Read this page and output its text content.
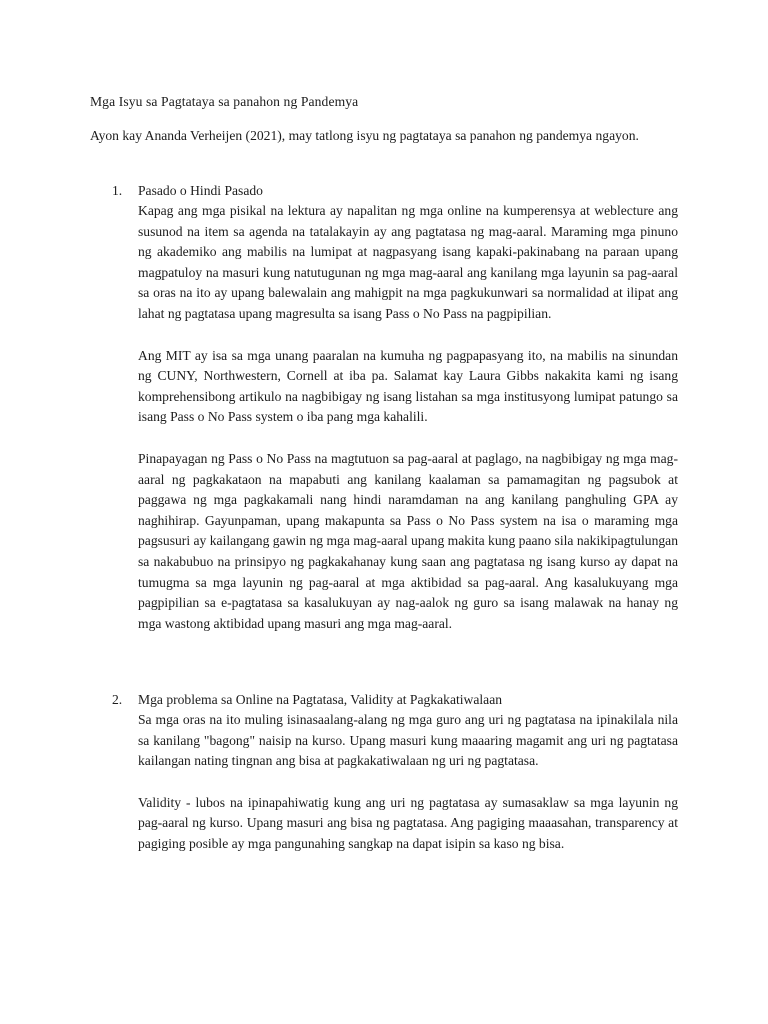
Mga Isyu sa Pagtataya sa panahon ng Pandemya
Ayon kay Ananda Verheijen (2021), may tatlong isyu ng pagtataya sa panahon ng pandemya ngayon.
1. Pasado o Hindi Pasado

Kapag ang mga pisikal na lektura ay napalitan ng mga online na kumperensya at weblecture ang susunod na item sa agenda na tatalakayin ay ang pagtatasa ng mag-aaral. Maraming mga pinuno ng akademiko ang mabilis na lumipat at nagpasyang isang kapaki-pakinabang na paraan upang magpatuloy na masuri kung natutugunan ng mga mag-aaral ang kanilang mga layunin sa pag-aaral sa oras na ito ay upang balewalain ang mahigpit na mga pagkukunwari sa normalidad at ilipat ang lahat ng pagtatasa upang magresulta sa isang Pass o No Pass na pagpipilian.

Ang MIT ay isa sa mga unang paaralan na kumuha ng pagpapasyang ito, na mabilis na sinundan ng CUNY, Northwestern, Cornell at iba pa. Salamat kay Laura Gibbs nakakita kami ng isang komprehensibong artikulo na nagbibigay ng isang listahan sa mga institusyong lumipat patungo sa isang Pass o No Pass system o iba pang mga kahalili.

Pinapayagan ng Pass o No Pass na magtutuon sa pag-aaral at paglago, na nagbibigay ng mga mag-aaral ng pagkakataon na mapabuti ang kanilang kaalaman sa pamamagitan ng pagsubok at paggawa ng mga pagkakamali nang hindi naramdaman na ang kanilang panghuling GPA ay naghihirap. Gayunpaman, upang makapunta sa Pass o No Pass system na isa o maraming mga pagsusuri ay kailangang gawin ng mga mag-aaral upang makita kung paano sila nakikipagtulungan sa nakabubuo na prinsipyo ng pagkakahanay kung saan ang pagtatasa ng isang kurso ay dapat na tumugma sa mga layunin ng pag-aaral at mga aktibidad sa pag-aaral. Ang kasalukuyang mga pagpipilian sa e-pagtatasa sa kasalukuyan ay nag-aalok ng guro sa isang malawak na hanay ng mga wastong aktibidad upang masuri ang mga mag-aaral.

2. Mga problema sa Online na Pagtatasa, Validity at Pagkakatiwalaan

Sa mga oras na ito muling isinasaalang-alang ng mga guro ang uri ng pagtatasa na ipinakilala nila sa kanilang "bagong" naisip na kurso. Upang masuri kung maaaring magamit ang uri ng pagtatasa kailangan nating tingnan ang bisa at pagkakatiwalaan ng uri ng pagtatasa.

Validity - lubos na ipinapahiwatig kung ang uri ng pagtatasa ay sumasaklaw sa mga layunin ng pag-aaral ng kurso. Upang masuri ang bisa ng pagtatasa. Ang pagiging maaasahan, transparency at pagiging posible ay mga pangunahing sangkap na dapat isipin sa kaso ng bisa.
